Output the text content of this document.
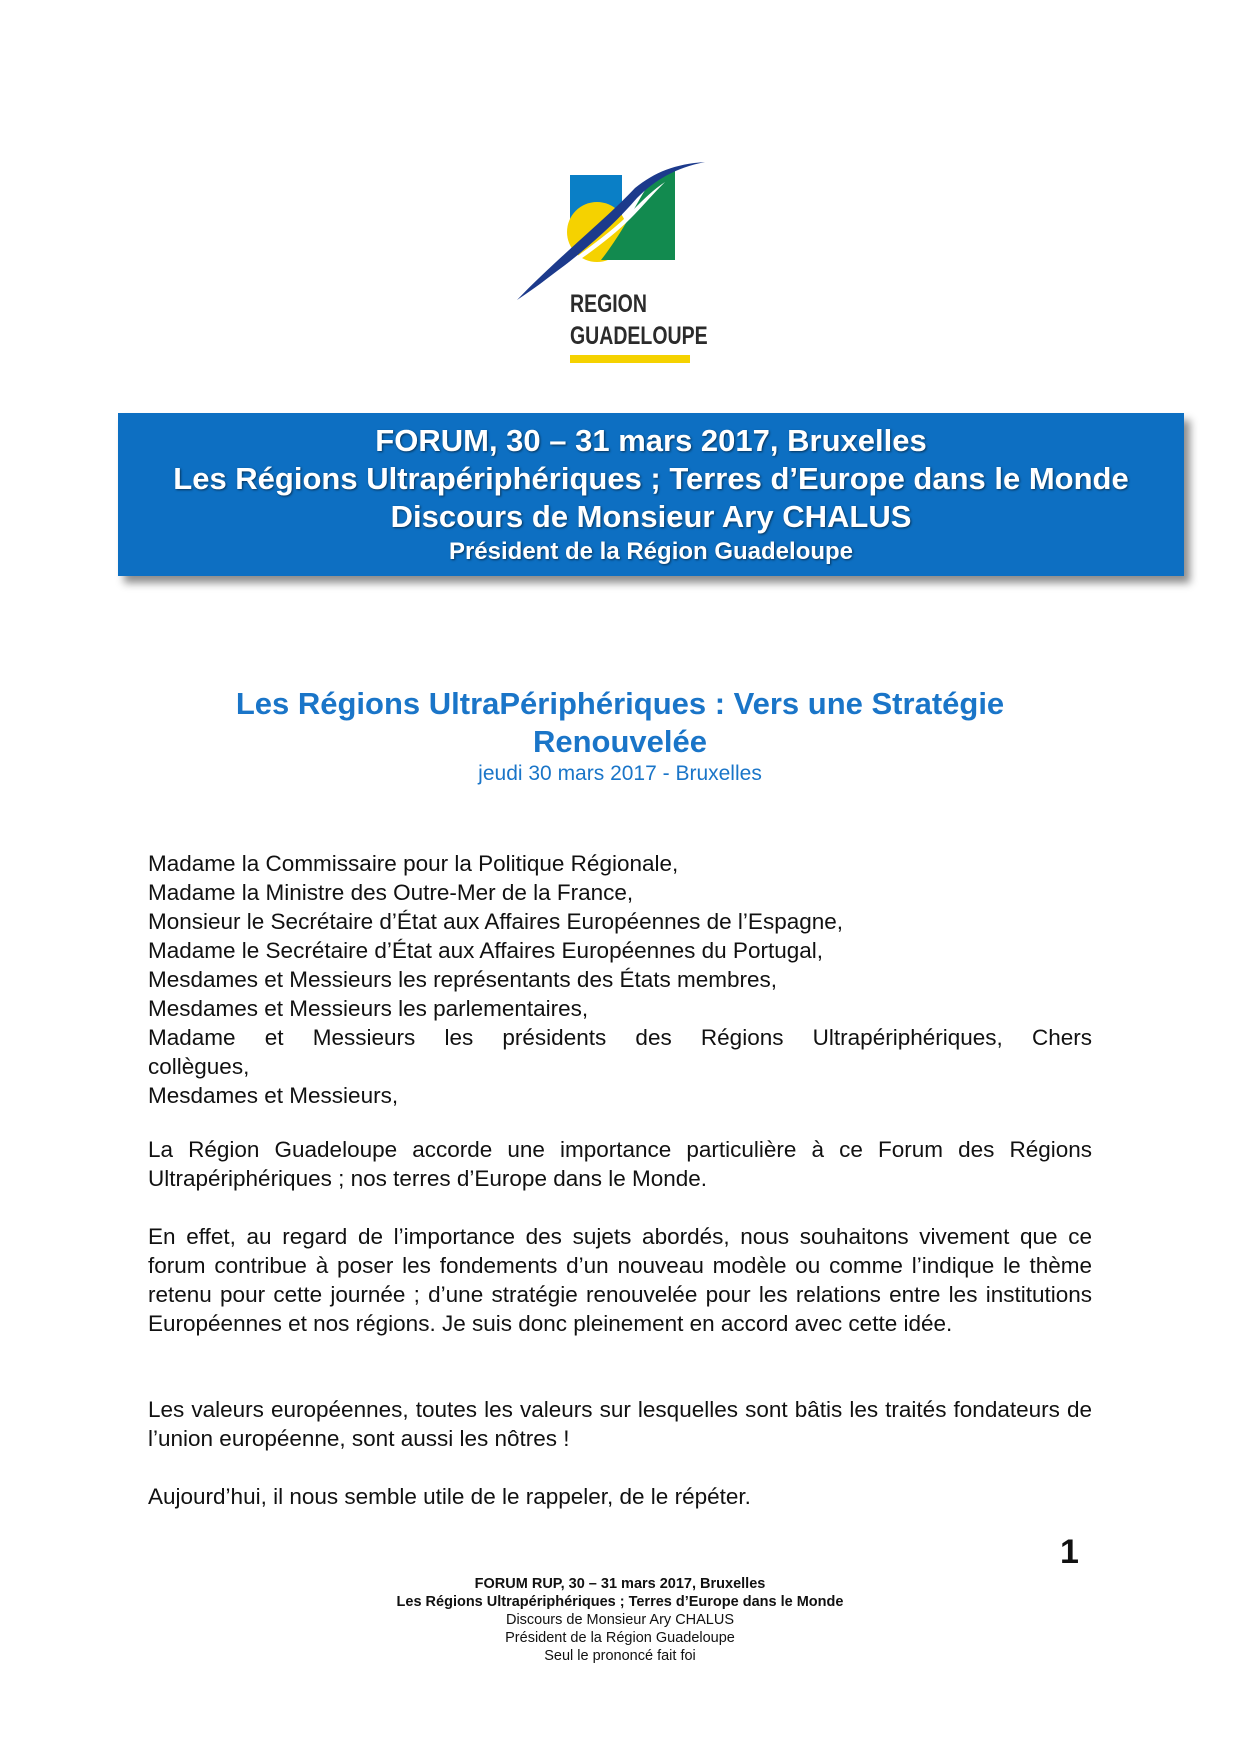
REGION
GUADELOUPE
FORUM, 30 – 31 mars 2017, Bruxelles
Les Régions Ultrapériphériques ; Terres d’Europe dans le Monde
Discours de Monsieur Ary CHALUS
Président de la Région Guadeloupe
Les Régions UltraPériphériques : Vers une Stratégie
Renouvelée
jeudi 30 mars 2017 - Bruxelles
Madame la Commissaire pour la Politique Régionale,
Madame la Ministre des Outre-Mer de la France,
Monsieur le Secrétaire d’État aux Affaires Européennes de l’Espagne,
Madame le Secrétaire d’État aux Affaires Européennes du Portugal,
Mesdames et Messieurs les représentants des États membres,
Mesdames et Messieurs les parlementaires,
Madame et Messieurs les présidents des Régions Ultrapériphériques, Chers
collègues,
Mesdames et Messieurs,
La Région Guadeloupe accorde une importance particulière à ce Forum des Régions Ultrapériphériques ; nos terres d’Europe dans le Monde.
En effet, au regard de l’importance des sujets abordés, nous souhaitons vivement que ce forum contribue à poser les fondements d’un nouveau modèle ou comme l’indique le thème retenu pour cette journée ; d’une stratégie renouvelée pour les relations entre les institutions Européennes et nos régions. Je suis donc pleinement en accord avec cette idée.
Les valeurs européennes, toutes les valeurs sur lesquelles sont bâtis les traités fondateurs de l’union européenne, sont aussi les nôtres !
Aujourd’hui, il nous semble utile de le rappeler, de le répéter.
1
FORUM RUP, 30 – 31 mars 2017, Bruxelles
Les Régions Ultrapériphériques ; Terres d’Europe dans le Monde
Discours de Monsieur Ary CHALUS
Président de la Région Guadeloupe
Seul le prononcé fait foi
